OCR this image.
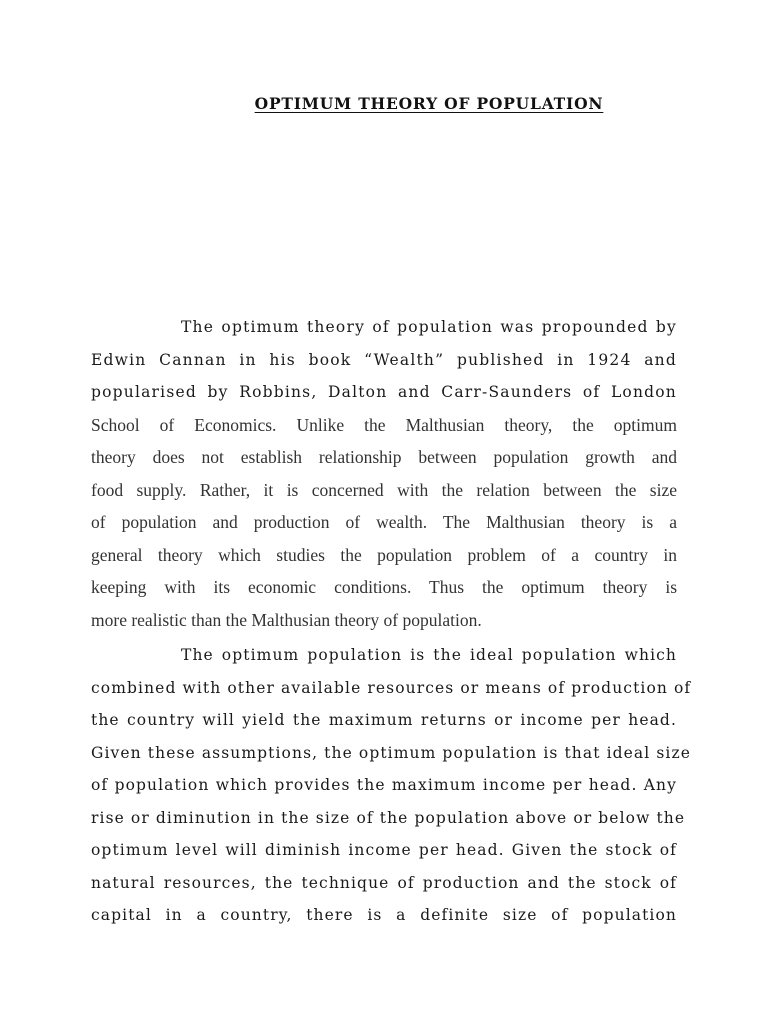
OPTIMUM THEORY OF POPULATION
The optimum theory of population was propounded by
Edwin Cannan in his book “Wealth” published in 1924 and
popularised by Robbins, Dalton and Carr-Saunders of London
School of Economics. Unlike the Malthusian theory, the optimum
theory does not establish relationship between population growth and
food supply. Rather, it is concerned with the relation between the size
of population and production of wealth. The Malthusian theory is a
general theory which studies the population problem of a country in
keeping with its economic conditions. Thus the optimum theory is
more realistic than the Malthusian theory of population.
The optimum population is the ideal population which
combined with other available resources or means of production of
the country will yield the maximum returns or income per head.
Given these assumptions, the optimum population is that ideal size
of population which provides the maximum income per head. Any
rise or diminution in the size of the population above or below the
optimum level will diminish income per head. Given the stock of
natural resources, the technique of production and the stock of
capital in a country, there is a definite size of population
